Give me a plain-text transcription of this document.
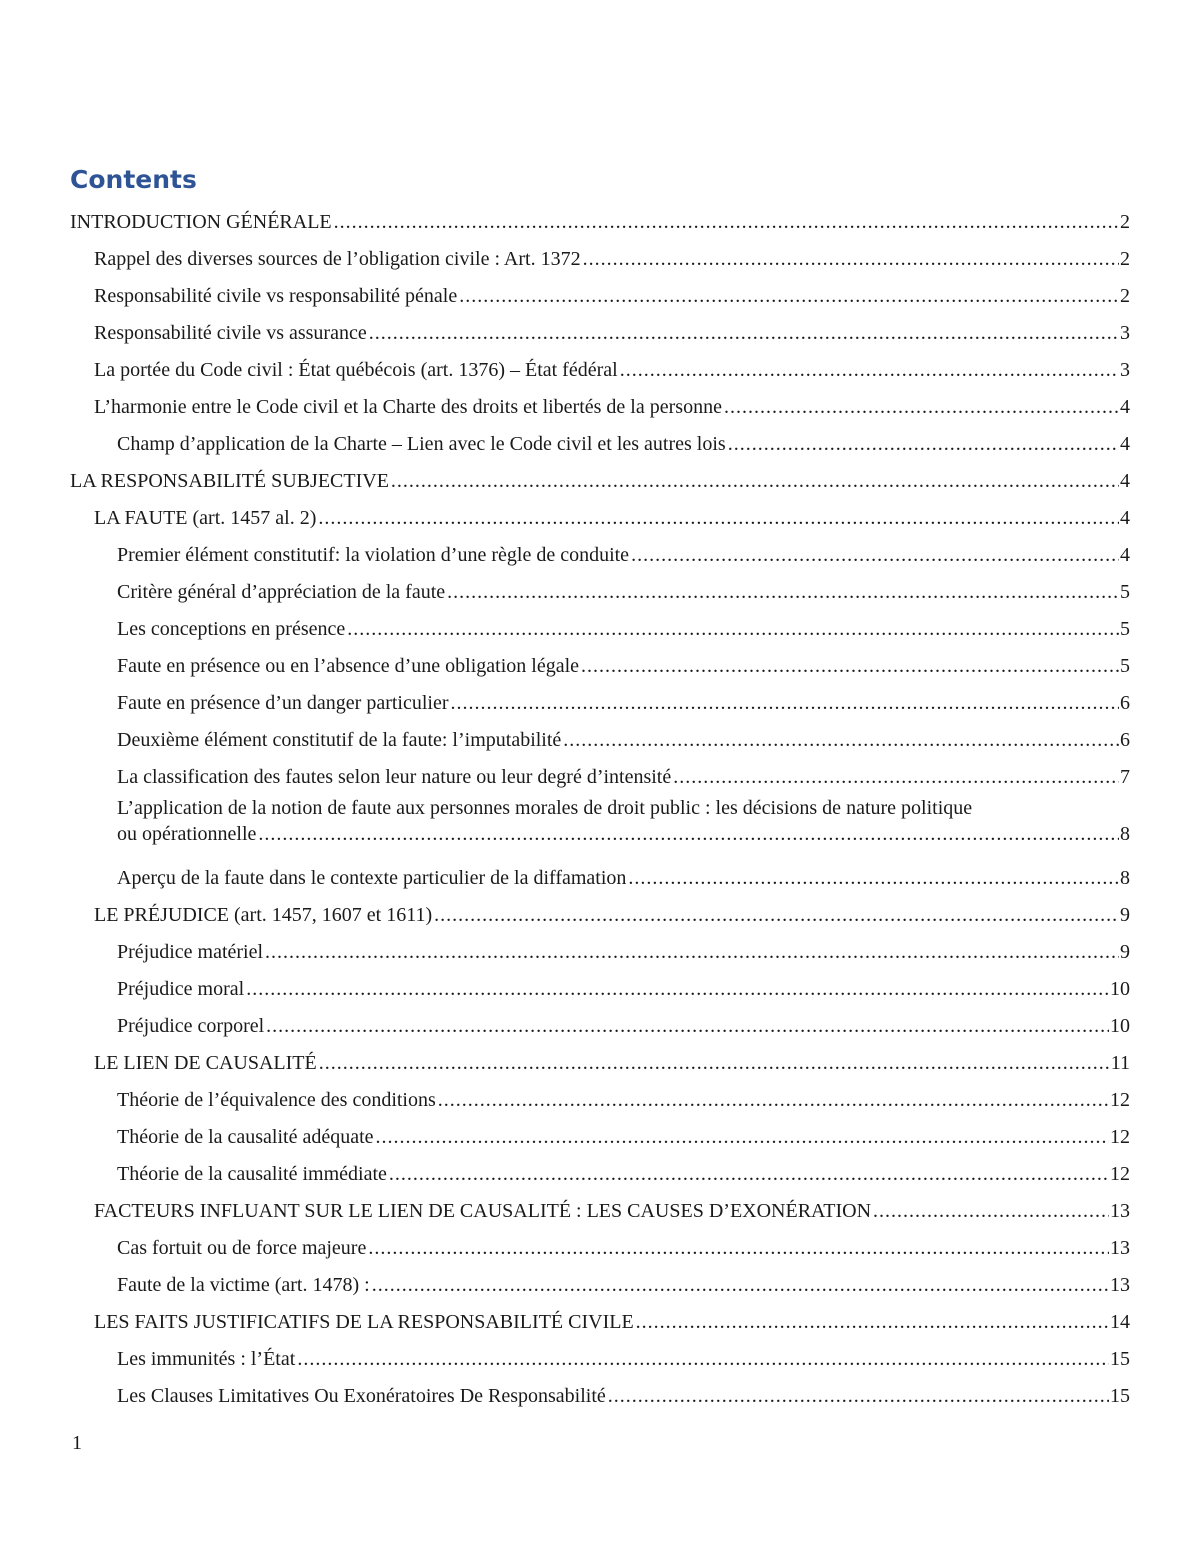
Contents
INTRODUCTION GÉNÉRALE .....	2
Rappel des diverses sources de l’obligation civile : Art. 1372 .....	2
Responsabilité civile vs responsabilité pénale .....	2
Responsabilité civile vs assurance .....	3
La portée du Code civil : État québécois (art. 1376) – État fédéral .....	3
L’harmonie entre le Code civil et la Charte des droits et libertés de la personne .....	4
Champ d’application de la Charte – Lien avec le Code civil et les autres lois .....	4
LA RESPONSABILITÉ SUBJECTIVE .....	4
LA FAUTE (art. 1457 al. 2) .....	4
Premier élément constitutif: la violation d’une règle de conduite .....	4
Critère général d’appréciation de la faute .....	5
Les conceptions en présence .....	5
Faute en présence ou en l’absence d’une obligation légale .....	5
Faute en présence d’un danger particulier .....	6
Deuxième élément constitutif de la faute: l’imputabilité .....	6
La classification des fautes selon leur nature ou leur degré d’intensité .....	7
L’application de la notion de faute aux personnes morales de droit public : les décisions de nature politique
ou opérationnelle .....	8
Aperçu de la faute dans le contexte particulier de la diffamation .....	8
LE PRÉJUDICE (art. 1457, 1607 et 1611) .....	9
Préjudice matériel .....	9
Préjudice moral .....	10
Préjudice corporel .....	10
LE LIEN DE CAUSALITÉ .....	11
Théorie de l’équivalence des conditions .....	12
Théorie de la causalité adéquate .....	12
Théorie de la causalité immédiate .....	12
FACTEURS INFLUANT SUR LE LIEN DE CAUSALITÉ : LES CAUSES D’EXONÉRATION .....	13
Cas fortuit ou de force majeure .....	13
Faute de la victime (art. 1478) : .....	13
LES FAITS JUSTIFICATIFS DE LA RESPONSABILITÉ CIVILE .....	14
Les immunités : l’État .....	15
Les Clauses Limitatives Ou Exonératoires De Responsabilité .....	15
1
